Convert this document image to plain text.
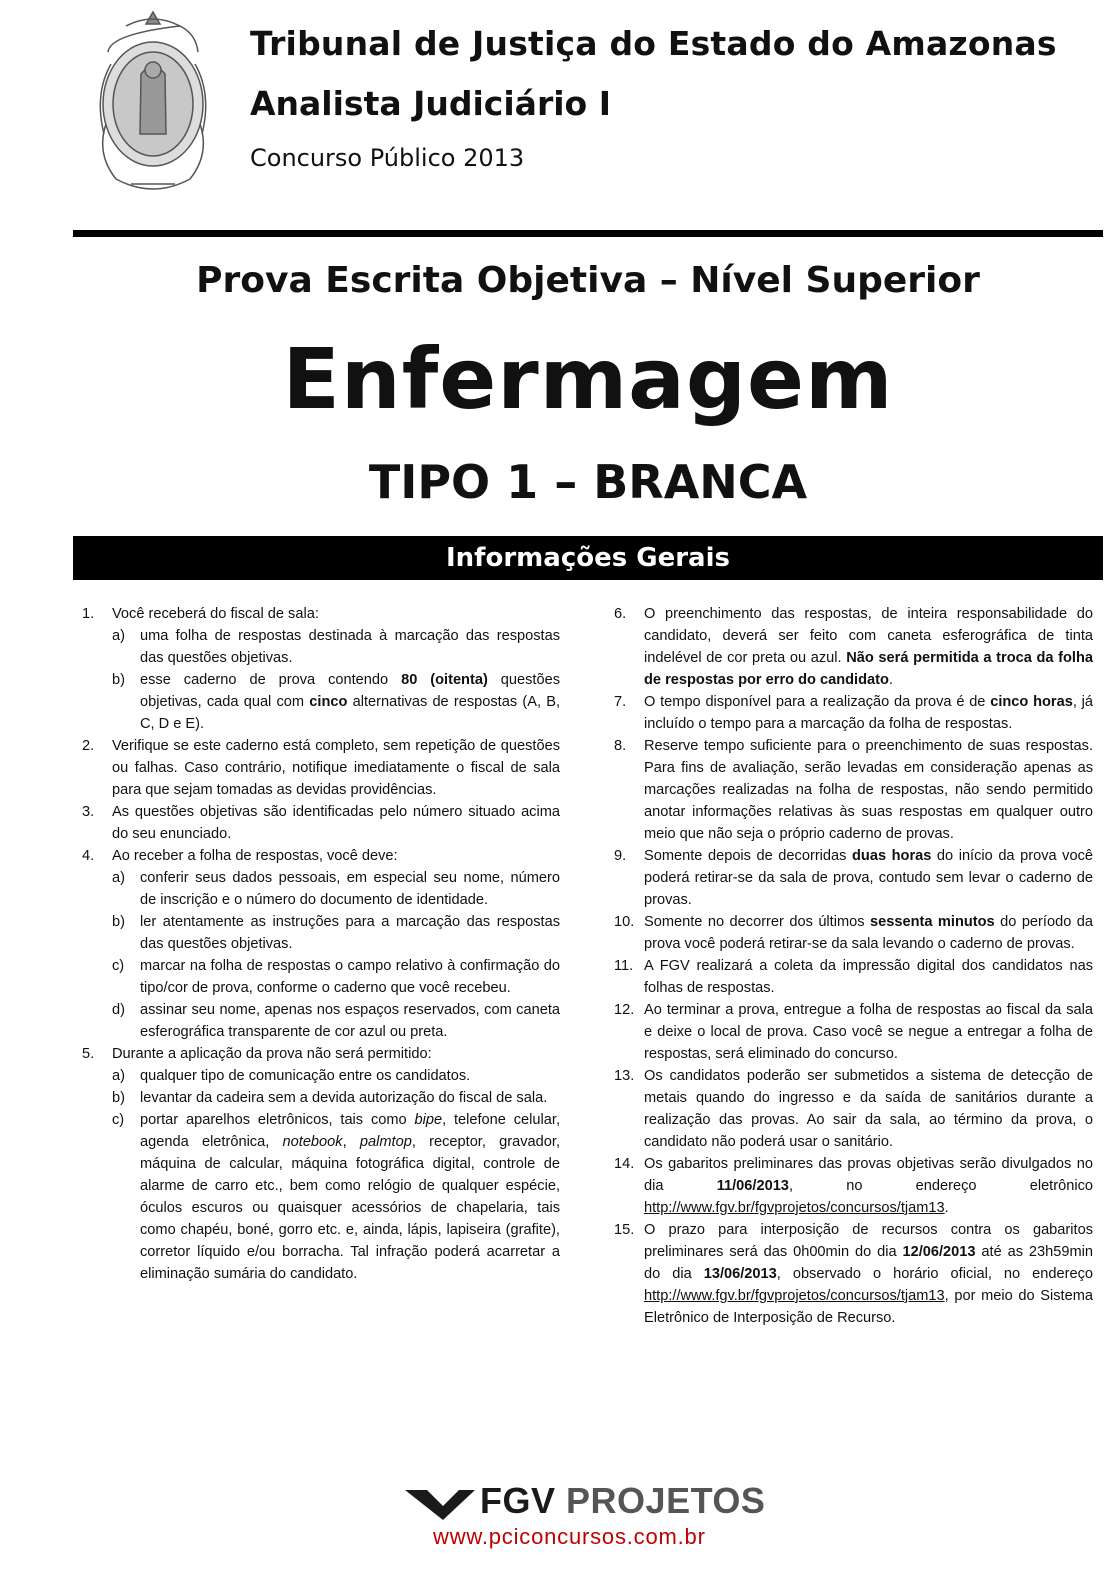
Tribunal de Justiça do Estado do Amazonas
Analista Judiciário I
Concurso Público 2013
Prova Escrita Objetiva – Nível Superior
Enfermagem
TIPO 1 – BRANCA
Informações Gerais
1.	Você receberá do fiscal de sala:
a) uma folha de respostas destinada à marcação das respostas das questões objetivas.
b) esse caderno de prova contendo 80 (oitenta) questões objetivas, cada qual com cinco alternativas de respostas (A, B, C, D e E).
2.	Verifique se este caderno está completo, sem repetição de questões ou falhas. Caso contrário, notifique imediatamente o fiscal de sala para que sejam tomadas as devidas providências.
3.	As questões objetivas são identificadas pelo número situado acima do seu enunciado.
4.	Ao receber a folha de respostas, você deve:
a) conferir seus dados pessoais, em especial seu nome, número de inscrição e o número do documento de identidade.
b) ler atentamente as instruções para a marcação das respostas das questões objetivas.
c) marcar na folha de respostas o campo relativo à confirmação do tipo/cor de prova, conforme o caderno que você recebeu.
d) assinar seu nome, apenas nos espaços reservados, com caneta esferográfica transparente de cor azul ou preta.
5.	Durante a aplicação da prova não será permitido:
a) qualquer tipo de comunicação entre os candidatos.
b) levantar da cadeira sem a devida autorização do fiscal de sala.
c) portar aparelhos eletrônicos, tais como bipe, telefone celular, agenda eletrônica, notebook, palmtop, receptor, gravador, máquina de calcular, máquina fotográfica digital, controle de alarme de carro etc., bem como relógio de qualquer espécie, óculos escuros ou quaisquer acessórios de chapelaria, tais como chapéu, boné, gorro etc. e, ainda, lápis, lapiseira (grafite), corretor líquido e/ou borracha. Tal infração poderá acarretar a eliminação sumária do candidato.
6.	O preenchimento das respostas, de inteira responsabilidade do candidato, deverá ser feito com caneta esferográfica de tinta indelével de cor preta ou azul. Não será permitida a troca da folha de respostas por erro do candidato.
7.	O tempo disponível para a realização da prova é de cinco horas, já incluído o tempo para a marcação da folha de respostas.
8.	Reserve tempo suficiente para o preenchimento de suas respostas. Para fins de avaliação, serão levadas em consideração apenas as marcações realizadas na folha de respostas, não sendo permitido anotar informações relativas às suas respostas em qualquer outro meio que não seja o próprio caderno de provas.
9.	Somente depois de decorridas duas horas do início da prova você poderá retirar-se da sala de prova, contudo sem levar o caderno de provas.
10. Somente no decorrer dos últimos sessenta minutos do período da prova você poderá retirar-se da sala levando o caderno de provas.
11. A FGV realizará a coleta da impressão digital dos candidatos nas folhas de respostas.
12. Ao terminar a prova, entregue a folha de respostas ao fiscal da sala e deixe o local de prova. Caso você se negue a entregar a folha de respostas, será eliminado do concurso.
13. Os candidatos poderão ser submetidos a sistema de detecção de metais quando do ingresso e da saída de sanitários durante a realização das provas. Ao sair da sala, ao término da prova, o candidato não poderá usar o sanitário.
14. Os gabaritos preliminares das provas objetivas serão divulgados no dia 11/06/2013, no endereço eletrônico http://www.fgv.br/fgvprojetos/concursos/tjam13.
15. O prazo para interposição de recursos contra os gabaritos preliminares será das 0h00min do dia 12/06/2013 até as 23h59min do dia 13/06/2013, observado o horário oficial, no endereço http://www.fgv.br/fgvprojetos/concursos/tjam13, por meio do Sistema Eletrônico de Interposição de Recurso.
FGV PROJETOS
www.pciconcursos.com.br
